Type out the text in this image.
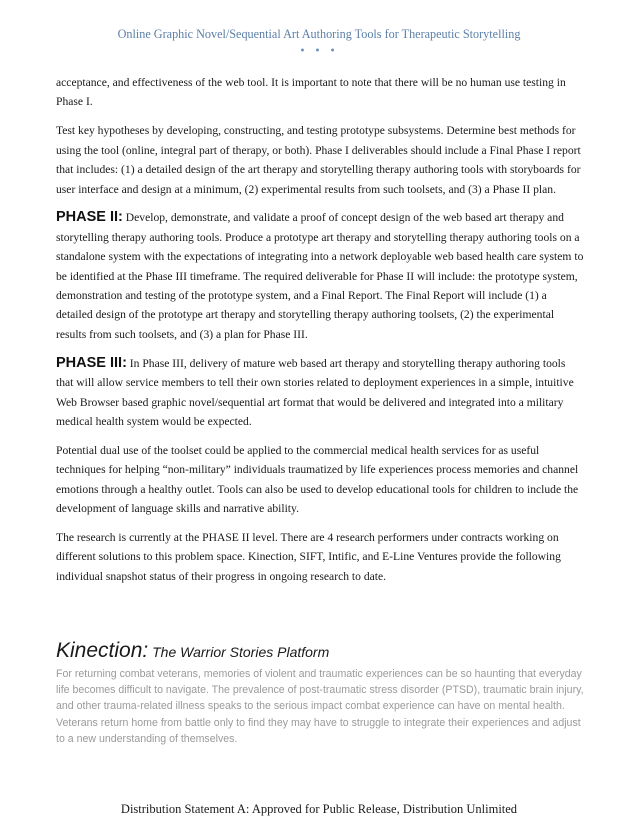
Online Graphic Novel/Sequential Art Authoring Tools for Therapeutic Storytelling
• • •

acceptance, and effectiveness of the web tool. It is important to note that there will be no human use testing in Phase I.

Test key hypotheses by developing, constructing, and testing prototype subsystems. Determine best methods for using the tool (online, integral part of therapy, or both). Phase I deliverables should include a Final Phase I report that includes: (1) a detailed design of the art therapy and storytelling therapy authoring tools with storyboards for user interface and design at a minimum, (2) experimental results from such toolsets, and (3) a Phase II plan.

PHASE II: Develop, demonstrate, and validate a proof of concept design of the web based art therapy and storytelling therapy authoring tools. Produce a prototype art therapy and storytelling therapy authoring tools on a standalone system with the expectations of integrating into a network deployable web based health care system to be identified at the Phase III timeframe. The required deliverable for Phase II will include: the prototype system, demonstration and testing of the prototype system, and a Final Report. The Final Report will include (1) a detailed design of the prototype art therapy and storytelling therapy authoring toolsets, (2) the experimental results from such toolsets, and (3) a plan for Phase III.

PHASE III: In Phase III, delivery of mature web based art therapy and storytelling therapy authoring tools that will allow service members to tell their own stories related to deployment experiences in a simple, intuitive Web Browser based graphic novel/sequential art format that would be delivered and integrated into a military medical health system would be expected.

Potential dual use of the toolset could be applied to the commercial medical health services for as useful techniques for helping “non-military” individuals traumatized by life experiences process memories and channel emotions through a healthy outlet. Tools can also be used to develop educational tools for children to include the development of language skills and narrative ability.

The research is currently at the PHASE II level. There are 4 research performers under contracts working on different solutions to this problem space. Kinection, SIFT, Intific, and E-Line Ventures provide the following individual snapshot status of their progress in ongoing research to date.

Kinection: The Warrior Stories Platform
For returning combat veterans, memories of violent and traumatic experiences can be so haunting that everyday life becomes difficult to navigate. The prevalence of post-traumatic stress disorder (PTSD), traumatic brain injury, and other trauma-related illness speaks to the serious impact combat experience can have on mental health. Veterans return home from battle only to find they may have to struggle to integrate their experiences and adjust to a new understanding of themselves.
Distribution Statement A: Approved for Public Release, Distribution Unlimited
